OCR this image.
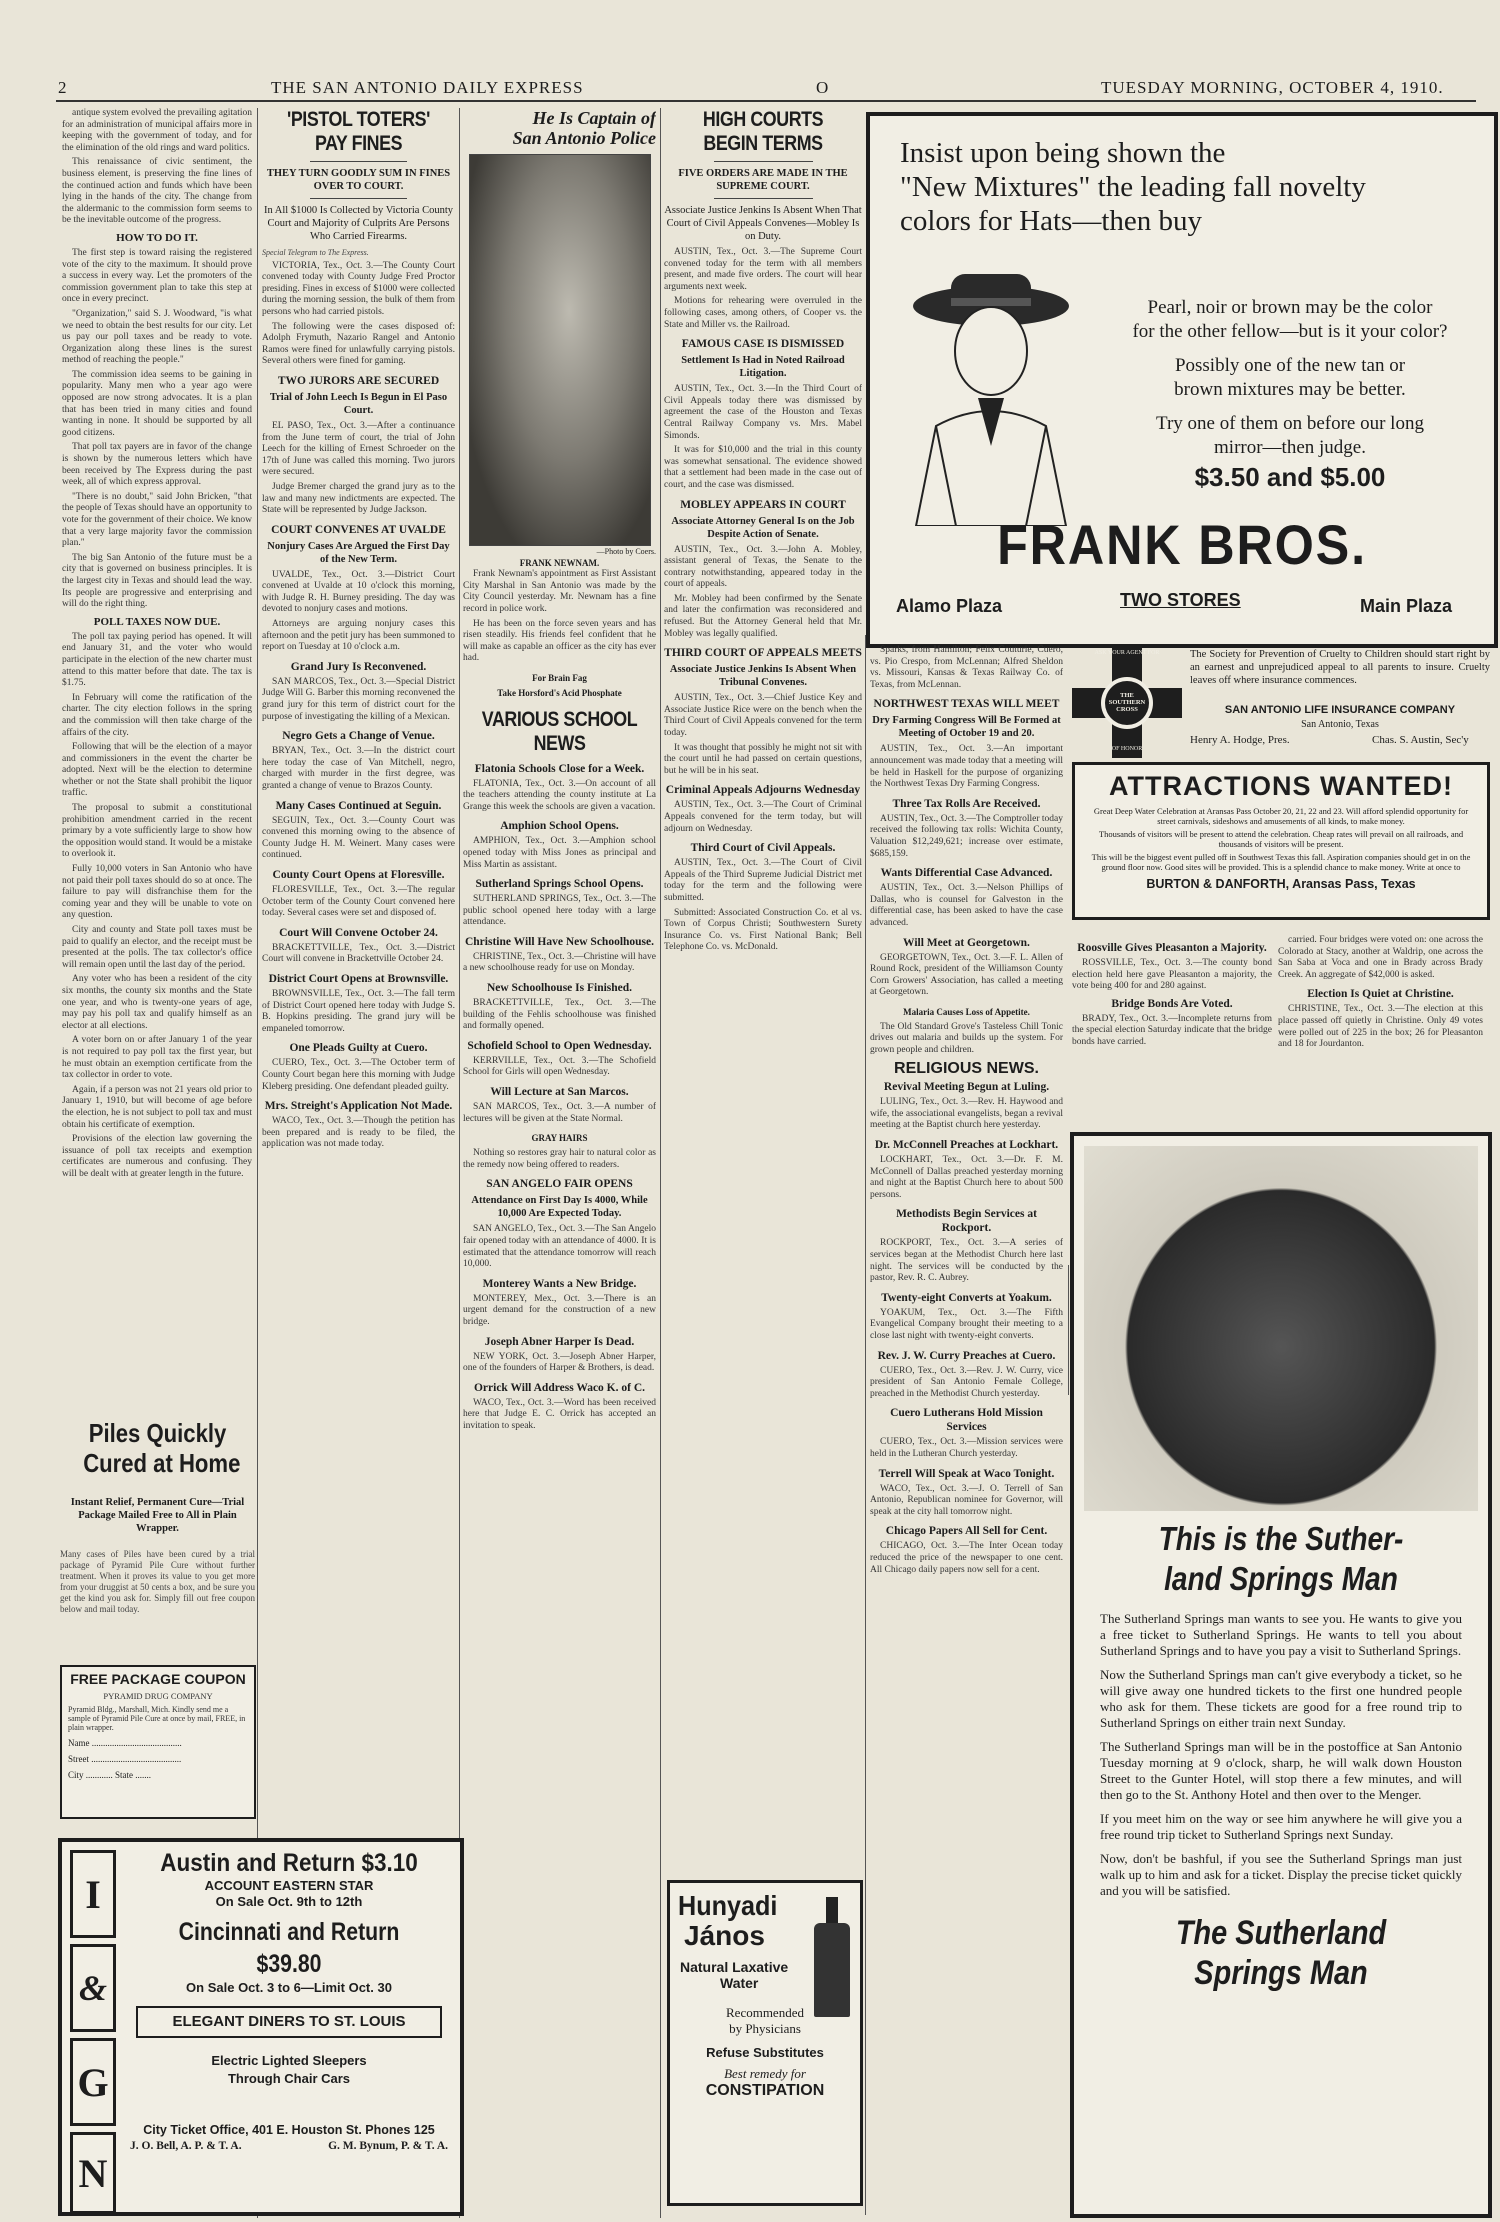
2	THE SAN ANTONIO DAILY EXPRESS	O	TUESDAY MORNING, OCTOBER 4, 1910.

antique system evolved the prevailing agitation for an administration of municipal affairs more in keeping with the government of today, and for the elimination of the old rings and ward politics.

This renaissance of civic sentiment, the business element, is preserving the fine lines of the continued action and funds which have been lying in the hands of the city. The change from the aldermanic to the commission form seems to be the inevitable outcome of the progress.

HOW TO DO IT.

The first step is toward raising the registered vote of the city to the maximum. It should prove a success in every way. Let the promoters of the commission government plan to take this step at once in every precinct.

"Organization," said S. J. Woodward, "is what we need to obtain the best results for our city. Let us pay our poll taxes and be ready to vote. Organization along these lines is the surest method of reaching the people."

The commission idea seems to be gaining in popularity. Many men who a year ago were opposed are now strong advocates. It is a plan that has been tried in many cities and found wanting in none. It should be supported by all good citizens.

That poll tax payers are in favor of the change is shown by the numerous letters which have been received by The Express during the past week, all of which express approval.

"There is no doubt," said John Bricken, "that the people of Texas should have an opportunity to vote for the government of their choice. We know that a very large majority favor the commission plan."

The big San Antonio of the future must be a city that is governed on business principles. It is the largest city in Texas and should lead the way. Its people are progressive and enterprising and will do the right thing.

POLL TAXES NOW DUE.

The poll tax paying period has opened. It will end January 31, and the voter who would participate in the election of the new charter must attend to this matter before that date. The tax is $1.75.

In February will come the ratification of the charter. The city election follows in the spring and the commission will then take charge of the affairs of the city.

Following that will be the election of a mayor and commissioners in the event the charter be adopted. Next will be the election to determine whether or not the State shall prohibit the liquor traffic.

The proposal to submit a constitutional prohibition amendment carried in the recent primary by a vote sufficiently large to show how the opposition would stand. It would be a mistake to overlook it.

Fully 10,000 voters in San Antonio who have not paid their poll taxes should do so at once. The failure to pay will disfranchise them for the coming year and they will be unable to vote on any question.

City and county and State poll taxes must be paid to qualify an elector, and the receipt must be presented at the polls. The tax collector's office will remain open until the last day of the period.

Any voter who has been a resident of the city six months, the county six months and the State one year, and who is twenty-one years of age, may pay his poll tax and qualify himself as an elector at all elections.

A voter born on or after January 1 of the year is not required to pay poll tax the first year, but he must obtain an exemption certificate from the tax collector in order to vote.

Again, if a person was not 21 years old prior to January 1, 1910, but will become of age before the election, he is not subject to poll tax and must obtain his certificate of exemption.

Provisions of the election law governing the issuance of poll tax receipts and exemption certificates are numerous and confusing. They will be dealt with at greater length in the future.

Piles Quickly
Cured at Home
Instant Relief, Permanent Cure—Trial Package Mailed Free to All in Plain Wrapper.
Many cases of Piles have been cured by a trial package of Pyramid Pile Cure without further treatment. When it proves its value to you get more from your druggist at 50 cents a box, and be sure you get the kind you ask for. Simply fill out free coupon below and mail today.
FREE PACKAGE COUPON
PYRAMID DRUG COMPANY
Pyramid Bldg., Marshall, Mich. Kindly send me a sample of Pyramid Pile Cure at once by mail, FREE, in plain wrapper.
Name ........................................
Street ........................................
City ............ State .......
'PISTOL TOTERS' PAY FINES
THEY TURN GOODLY SUM IN FINES OVER TO COURT.
In All $1000 Is Collected by Victoria County Court and Majority of Culprits Are Persons Who Carried Firearms.
Special Telegram to The Express.

VICTORIA, Tex., Oct. 3.—The County Court convened today with County Judge Fred Proctor presiding. Fines in excess of $1000 were collected during the morning session, the bulk of them from persons who had carried pistols.

The following were the cases disposed of: Adolph Frymuth, Nazario Rangel and Antonio Ramos were fined for unlawfully carrying pistols. Several others were fined for gaming.

TWO JURORS ARE SECURED
Trial of John Leech Is Begun in El Paso Court.

EL PASO, Tex., Oct. 3.—After a continuance from the June term of court, the trial of John Leech for the killing of Ernest Schroeder on the 17th of June was called this morning. Two jurors were secured.

Judge Bremer charged the grand jury as to the law and many new indictments are expected. The State will be represented by Judge Jackson.

COURT CONVENES AT UVALDE
Nonjury Cases Are Argued the First Day of the New Term.

UVALDE, Tex., Oct. 3.—District Court convened at Uvalde at 10 o'clock this morning, with Judge R. H. Burney presiding. The day was devoted to nonjury cases and motions.

Attorneys are arguing nonjury cases this afternoon and the petit jury has been summoned to report on Tuesday at 10 o'clock a.m.

Grand Jury Is Reconvened.

SAN MARCOS, Tex., Oct. 3.—Special District Judge Will G. Barber this morning reconvened the grand jury for this term of district court for the purpose of investigating the killing of a Mexican.

Negro Gets a Change of Venue.

BRYAN, Tex., Oct. 3.—In the district court here today the case of Van Mitchell, negro, charged with murder in the first degree, was granted a change of venue to Brazos County.

Many Cases Continued at Seguin.

SEGUIN, Tex., Oct. 3.—County Court was convened this morning owing to the absence of County Judge H. M. Weinert. Many cases were continued.

County Court Opens at Floresville.

FLORESVILLE, Tex., Oct. 3.—The regular October term of the County Court convened here today. Several cases were set and disposed of.

Court Will Convene October 24.

BRACKETTVILLE, Tex., Oct. 3.—District Court will convene in Brackettville October 24.

District Court Opens at Brownsville.

BROWNSVILLE, Tex., Oct. 3.—The fall term of District Court opened here today with Judge S. B. Hopkins presiding. The grand jury will be empaneled tomorrow.

One Pleads Guilty at Cuero.

CUERO, Tex., Oct. 3.—The October term of County Court began here this morning with Judge Kleberg presiding. One defendant pleaded guilty.

Mrs. Streight's Application Not Made.

WACO, Tex., Oct. 3.—Though the petition has been prepared and is ready to be filed, the application was not made today.

He Is Captain of
San Antonio Police
—Photo by Coers.
FRANK NEWNAM.

Frank Newnam's appointment as First Assistant City Marshal in San Antonio was made by the City Council yesterday. Mr. Newnam has a fine record in police work.

He has been on the force seven years and has risen steadily. His friends feel confident that he will make as capable an officer as the city has ever had.

For Brain Fag
Take Horsford's Acid Phosphate
VARIOUS SCHOOL NEWS
Flatonia Schools Close for a Week.

FLATONIA, Tex., Oct. 3.—On account of all the teachers attending the county institute at La Grange this week the schools are given a vacation.

Amphion School Opens.

AMPHION, Tex., Oct. 3.—Amphion school opened today with Miss Jones as principal and Miss Martin as assistant.

Sutherland Springs School Opens.

SUTHERLAND SPRINGS, Tex., Oct. 3.—The public school opened here today with a large attendance.

Christine Will Have New Schoolhouse.

CHRISTINE, Tex., Oct. 3.—Christine will have a new schoolhouse ready for use on Monday.

New Schoolhouse Is Finished.

BRACKETTVILLE, Tex., Oct. 3.—The building of the Fehlis schoolhouse was finished and formally opened.

Schofield School to Open Wednesday.

KERRVILLE, Tex., Oct. 3.—The Schofield School for Girls will open Wednesday.

Will Lecture at San Marcos.

SAN MARCOS, Tex., Oct. 3.—A number of lectures will be given at the State Normal.

GRAY HAIRS

Nothing so restores gray hair to natural color as the remedy now being offered to readers.

SAN ANGELO FAIR OPENS
Attendance on First Day Is 4000, While 10,000 Are Expected Today.

SAN ANGELO, Tex., Oct. 3.—The San Angelo fair opened today with an attendance of 4000. It is estimated that the attendance tomorrow will reach 10,000.

Monterey Wants a New Bridge.

MONTEREY, Mex., Oct. 3.—There is an urgent demand for the construction of a new bridge.

Joseph Abner Harper Is Dead.

NEW YORK, Oct. 3.—Joseph Abner Harper, one of the founders of Harper & Brothers, is dead.

Orrick Will Address Waco K. of C.

WACO, Tex., Oct. 3.—Word has been received here that Judge E. C. Orrick has accepted an invitation to speak.

HIGH COURTS BEGIN TERMS
FIVE ORDERS ARE MADE IN THE SUPREME COURT.
Associate Justice Jenkins Is Absent When That Court of Civil Appeals Convenes—Mobley Is on Duty.

AUSTIN, Tex., Oct. 3.—The Supreme Court convened today for the term with all members present, and made five orders. The court will hear arguments next week.

Motions for rehearing were overruled in the following cases, among others, of Cooper vs. the State and Miller vs. the Railroad.

FAMOUS CASE IS DISMISSED
Settlement Is Had in Noted Railroad Litigation.

AUSTIN, Tex., Oct. 3.—In the Third Court of Civil Appeals today there was dismissed by agreement the case of the Houston and Texas Central Railway Company vs. Mrs. Mabel Simonds.

It was for $10,000 and the trial in this county was somewhat sensational. The evidence showed that a settlement had been made in the case out of court, and the case was dismissed.

MOBLEY APPEARS IN COURT
Associate Attorney General Is on the Job Despite Action of Senate.

AUSTIN, Tex., Oct. 3.—John A. Mobley, assistant general of Texas, the Senate to the contrary notwithstanding, appeared today in the court of appeals.

Mr. Mobley had been confirmed by the Senate and later the confirmation was reconsidered and refused. But the Attorney General held that Mr. Mobley was legally qualified.

THIRD COURT OF APPEALS MEETS
Associate Justice Jenkins Is Absent When Tribunal Convenes.

AUSTIN, Tex., Oct. 3.—Chief Justice Key and Associate Justice Rice were on the bench when the Third Court of Civil Appeals convened for the term today.

It was thought that possibly he might not sit with the court until he had passed on certain questions, but he will be in his seat.

Criminal Appeals Adjourns Wednesday

AUSTIN, Tex., Oct. 3.—The Court of Criminal Appeals convened for the term today, but will adjourn on Wednesday.

Third Court of Civil Appeals.

AUSTIN, Tex., Oct. 3.—The Court of Civil Appeals of the Third Supreme Judicial District met today for the term and the following were submitted.

Submitted: Associated Construction Co. et al vs. Town of Corpus Christi; Southwestern Surety Insurance Co. vs. First National Bank; Bell Telephone Co. vs. McDonald.

Hunyadi
János
Natural Laxative
Water
Recommended
by Physicians
Refuse Substitutes
Best remedy for
CONSTIPATION
Insist upon being shown the
"New Mixtures" the leading fall novelty
colors for Hats—then buy
Pearl, noir or brown may be the color
for the other fellow—but is it your color?
Possibly one of the new tan or
brown mixtures may be better.
Try one of them on before our long
mirror—then judge.
$3.50 and $5.00
FRANK BROS.
Alamo Plaza	TWO STORES	Main Plaza

Sparks, from Hamilton; Felix Couturie, Cuero, vs. Pio Crespo, from McLennan; Alfred Sheldon vs. Missouri, Kansas & Texas Railway Co. of Texas, from McLennan.

NORTHWEST TEXAS WILL MEET
Dry Farming Congress Will Be Formed at Meeting of October 19 and 20.

AUSTIN, Tex., Oct. 3.—An important announcement was made today that a meeting will be held in Haskell for the purpose of organizing the Northwest Texas Dry Farming Congress.

Three Tax Rolls Are Received.

AUSTIN, Tex., Oct. 3.—The Comptroller today received the following tax rolls: Wichita County, Valuation $12,249,621; increase over estimate, $685,159.

Wants Differential Case Advanced.

AUSTIN, Tex., Oct. 3.—Nelson Phillips of Dallas, who is counsel for Galveston in the differential case, has been asked to have the case advanced.

Will Meet at Georgetown.

GEORGETOWN, Tex., Oct. 3.—F. L. Allen of Round Rock, president of the Williamson County Corn Growers' Association, has called a meeting at Georgetown.

Malaria Causes Loss of Appetite.

The Old Standard Grove's Tasteless Chill Tonic drives out malaria and builds up the system. For grown people and children.

RELIGIOUS NEWS.
Revival Meeting Begun at Luling.

LULING, Tex., Oct. 3.—Rev. H. Haywood and wife, the associational evangelists, began a revival meeting at the Baptist church here yesterday.

Dr. McConnell Preaches at Lockhart.

LOCKHART, Tex., Oct. 3.—Dr. F. M. McConnell of Dallas preached yesterday morning and night at the Baptist Church here to about 500 persons.

Methodists Begin Services at Rockport.

ROCKPORT, Tex., Oct. 3.—A series of services began at the Methodist Church here last night. The services will be conducted by the pastor, Rev. R. C. Aubrey.

Twenty-eight Converts at Yoakum.

YOAKUM, Tex., Oct. 3.—The Fifth Evangelical Company brought their meeting to a close last night with twenty-eight converts.

Rev. J. W. Curry Preaches at Cuero.

CUERO, Tex., Oct. 3.—Rev. J. W. Curry, vice president of San Antonio Female College, preached in the Methodist Church yesterday.

Cuero Lutherans Hold Mission Services

CUERO, Tex., Oct. 3.—Mission services were held in the Lutheran Church yesterday.

Terrell Will Speak at Waco Tonight.

WACO, Tex., Oct. 3.—J. O. Terrell of San Antonio, Republican nominee for Governor, will speak at the city hall tomorrow night.

Chicago Papers All Sell for Cent.

CHICAGO, Oct. 3.—The Inter Ocean today reduced the price of the newspaper to one cent. All Chicago daily papers now sell for a cent.

ASK YOUR AGENT FOR
THE SOUTHERN CROSS
OF HONOR
The Society for Prevention of Cruelty to Children should start right by an earnest and unprejudiced appeal to all parents to insure. Cruelty leaves off where insurance commences.
SAN ANTONIO LIFE INSURANCE COMPANY
San Antonio, Texas
Henry A. Hodge, Pres.	Chas. S. Austin, Sec'y
ATTRACTIONS WANTED!
Great Deep Water Celebration at Aransas Pass October 20, 21, 22 and 23. Will afford splendid opportunity for street carnivals, sideshows and amusements of all kinds, to make money.
Thousands of visitors will be present to attend the celebration. Cheap rates will prevail on all railroads, and thousands of visitors will be present.
This will be the biggest event pulled off in Southwest Texas this fall. Aspiration companies should get in on the ground floor now. Good sites will be provided. This is a splendid chance to make money. Write at once to
BURTON & DANFORTH, Aransas Pass, Texas
Roosville Gives Pleasanton a Majority.

ROSSVILLE, Tex., Oct. 3.—The county bond election held here gave Pleasanton a majority, the vote being 400 for and 280 against.

Bridge Bonds Are Voted.

BRADY, Tex., Oct. 3.—Incomplete returns from the special election Saturday indicate that the bridge bonds have carried.

carried. Four bridges were voted on: one across the Colorado at Stacy, another at Waldrip, one across the San Saba at Voca and one in Brady across Brady Creek. An aggregate of $42,000 is asked.

Election Is Quiet at Christine.

CHRISTINE, Tex., Oct. 3.—The election at this place passed off quietly in Christine. Only 49 votes were polled out of 225 in the box; 26 for Pleasanton and 18 for Jourdanton.

This is the Suther-
land Springs Man
The Sutherland Springs man wants to see you. He wants to give you a free ticket to Sutherland Springs. He wants to tell you about Sutherland Springs and to have you pay a visit to Sutherland Springs.
Now the Sutherland Springs man can't give everybody a ticket, so he will give away one hundred tickets to the first one hundred people who ask for them. These tickets are good for a free round trip to Sutherland Springs on either train next Sunday.
The Sutherland Springs man will be in the postoffice at San Antonio Tuesday morning at 9 o'clock, sharp, he will walk down Houston Street to the Gunter Hotel, will stop there a few minutes, and will then go to the St. Anthony Hotel and then over to the Menger.
If you meet him on the way or see him anywhere he will give you a free round trip ticket to Sutherland Springs next Sunday.
Now, don't be bashful, if you see the Sutherland Springs man just walk up to him and ask for a ticket. Display the precise ticket quickly and you will be satisfied.
The Sutherland
Springs Man
I
&
G
N
Austin and Return $3.10
ACCOUNT EASTERN STAR
On Sale Oct. 9th to 12th
Cincinnati and Return $39.80
On Sale Oct. 3 to 6—Limit Oct. 30
ELEGANT DINERS TO ST. LOUIS
Electric Lighted Sleepers
Through Chair Cars
City Ticket Office, 401 E. Houston St. Phones 125
J. O. Bell, A. P. & T. A.	G. M. Bynum, P. & T. A.
